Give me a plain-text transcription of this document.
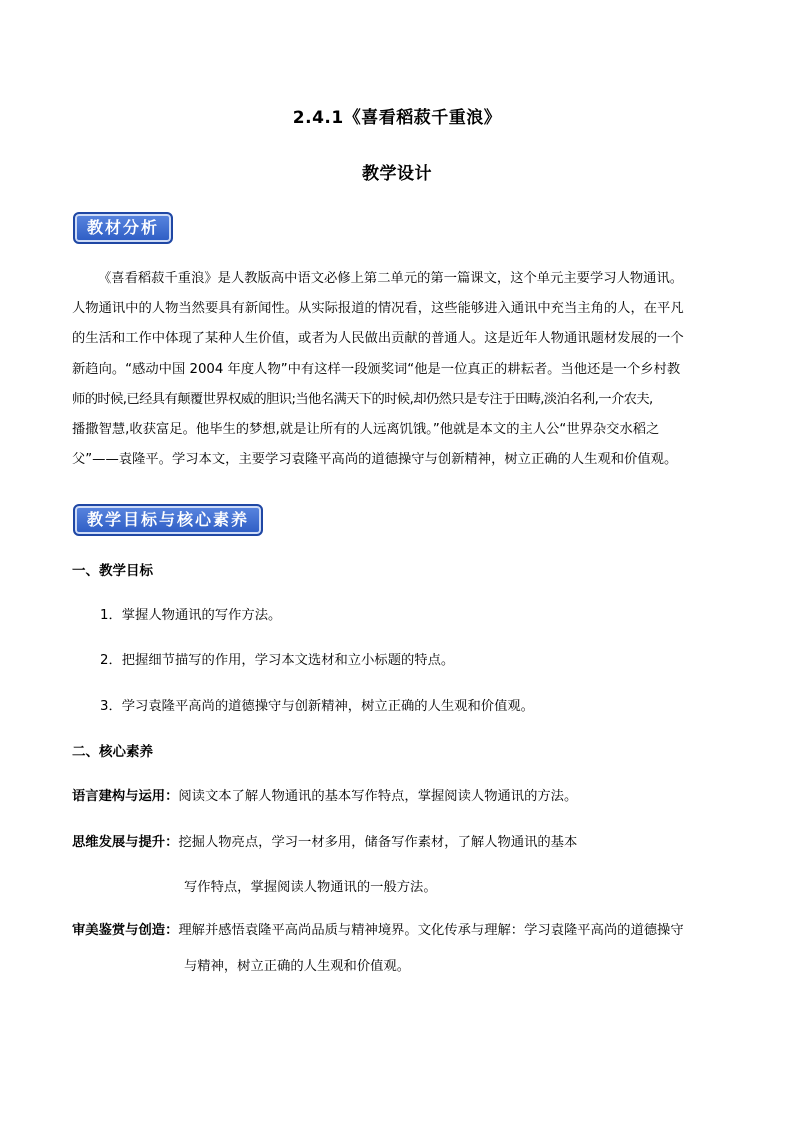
2.4.1《喜看稻菽千重浪》
教学设计
教材分析
《喜看稻菽千重浪》是人教版高中语文必修上第二单元的第一篇课文，这个单元主要学习人物通讯。
人物通讯中的人物当然要具有新闻性。从实际报道的情况看，这些能够进入通讯中充当主角的人，在平凡
的生活和工作中体现了某种人生价值，或者为人民做出贡献的普通人。这是近年人物通讯题材发展的一个
新趋向。“感动中国 2004 年度人物”中有这样一段颁奖词“他是一位真正的耕耘者。当他还是一个乡村教
师的时候,已经具有颠覆世界权威的胆识;当他名满天下的时候,却仍然只是专注于田畴,淡泊名利,一介农夫,
播撒智慧,收获富足。他毕生的梦想,就是让所有的人远离饥饿。”他就是本文的主人公“世界杂交水稻之
父”——袁隆平。学习本文，主要学习袁隆平高尚的道德操守与创新精神，树立正确的人生观和价值观。
教学目标与核心素养
一、教学目标
1．掌握人物通讯的写作方法。
2．把握细节描写的作用，学习本文选材和立小标题的特点。
3．学习袁隆平高尚的道德操守与创新精神，树立正确的人生观和价值观。
二、核心素养
语言建构与运用：阅读文本了解人物通讯的基本写作特点，掌握阅读人物通讯的方法。
思维发展与提升：挖掘人物亮点，学习一材多用，储备写作素材，了解人物通讯的基本
写作特点，掌握阅读人物通讯的一般方法。
审美鉴赏与创造：理解并感悟袁隆平高尚品质与精神境界。文化传承与理解：学习袁隆平高尚的道德操守
与精神，树立正确的人生观和价值观。
